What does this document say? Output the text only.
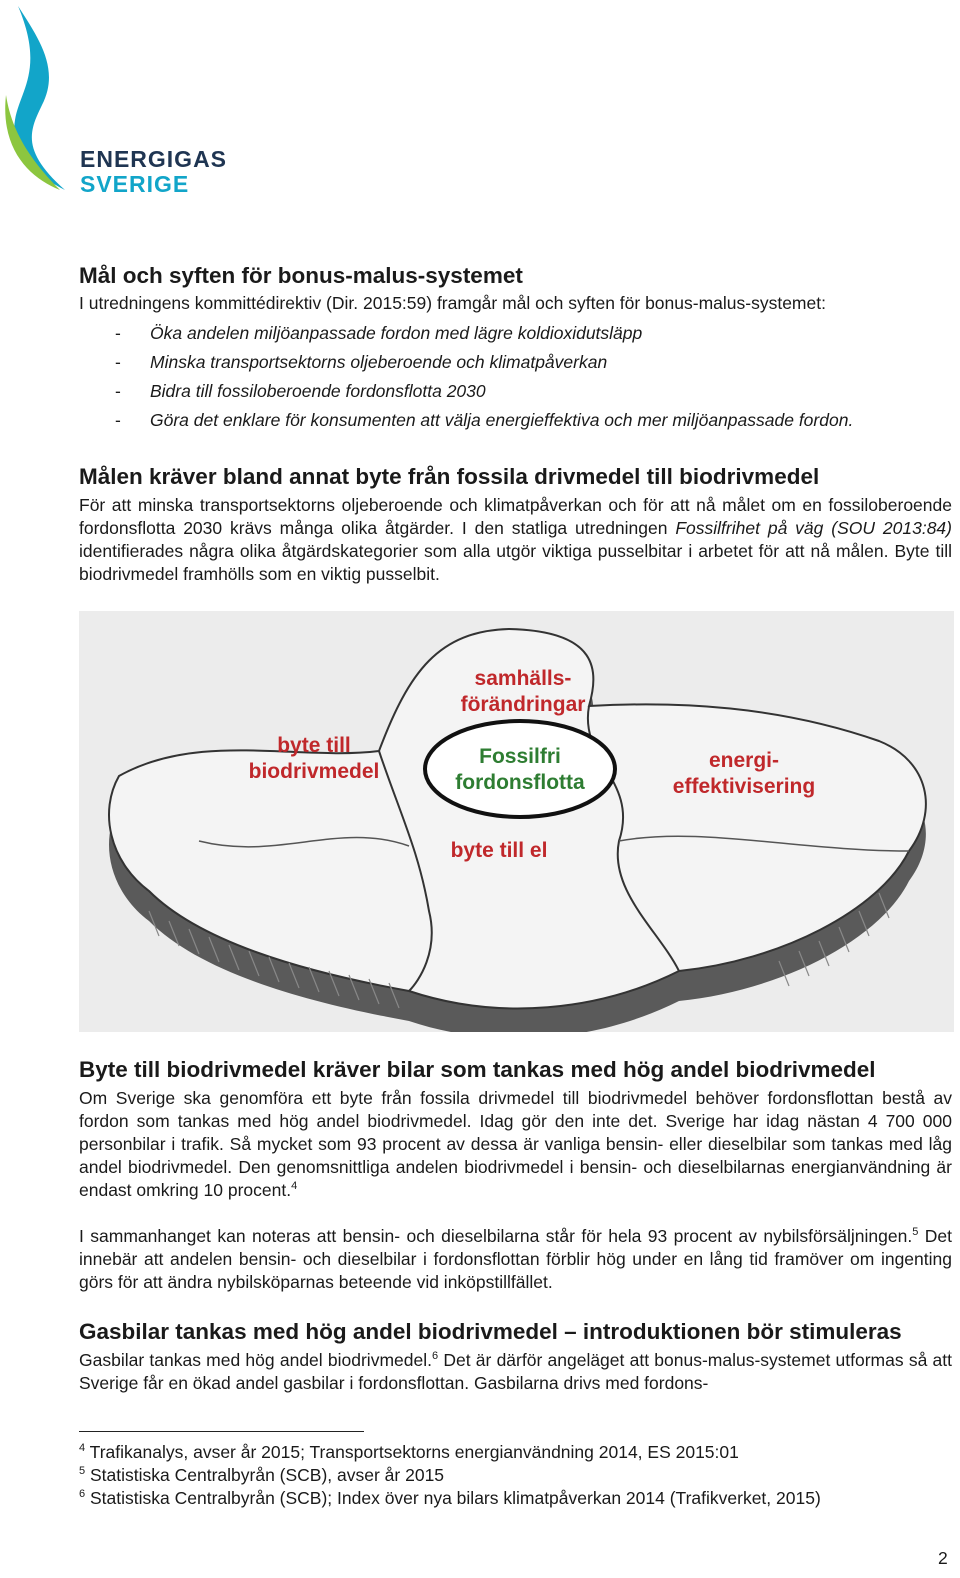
ENERGIGAS
SVERIGE
Mål och syften för bonus-malus-systemet

I utredningens kommittédirektiv (Dir. 2015:59) framgår mål och syften för bonus-malus-systemet:

- Öka andelen miljöanpassade fordon med lägre koldioxidutsläpp
- Minska transportsektorns oljeberoende och klimatpåverkan
- Bidra till fossiloberoende fordonsflotta 2030
- Göra det enklare för konsumenten att välja energieffektiva och mer miljöanpassade fordon.
Målen kräver bland annat byte från fossila drivmedel till biodrivmedel

För att minska transportsektorns oljeberoende och klimatpåverkan och för att nå målet om en fossiloberoende fordonsflotta 2030 krävs många olika åtgärder. I den statliga utredningen Fossilfrihet på väg (SOU 2013:84) identifierades några olika åtgärdskategorier som alla utgör viktiga pusselbitar i arbetet för att nå målen. Byte till biodrivmedel framhölls som en viktig pusselbit.

samhälls-
förändringar
byte till
biodrivmedel
Fossilfri
fordonsflotta
energi-
effektivisering
byte till el
Byte till biodrivmedel kräver bilar som tankas med hög andel biodrivmedel

Om Sverige ska genomföra ett byte från fossila drivmedel till biodrivmedel behöver fordonsflottan bestå av fordon som tankas med hög andel biodrivmedel. Idag gör den inte det. Sverige har idag nästan 4 700 000 personbilar i trafik. Så mycket som 93 procent av dessa är vanliga bensin- eller dieselbilar som tankas med låg andel biodrivmedel. Den genomsnittliga andelen biodrivmedel i bensin- och dieselbilarnas energianvändning är endast omkring 10 procent.$^4$

I sammanhanget kan noteras att bensin- och dieselbilarna står för hela 93 procent av nybilsförsäljningen.$^5$ Det innebär att andelen bensin- och dieselbilar i fordonsflottan förblir hög under en lång tid framöver om ingenting görs för att ändra nybilsköparnas beteende vid inköpstillfället.

Gasbilar tankas med hög andel biodrivmedel – introduktionen bör stimuleras

Gasbilar tankas med hög andel biodrivmedel.$^6$ Det är därför angeläget att bonus-malus-systemet utformas så att Sverige får en ökad andel gasbilar i fordonsflottan. Gasbilarna drivs med fordons-

$^4$ Trafikanalys, avser år 2015; Transportsektorns energianvändning 2014, ES 2015:01
$^5$ Statistiska Centralbyrån (SCB), avser år 2015
$^6$ Statistiska Centralbyrån (SCB); Index över nya bilars klimatpåverkan 2014 (Trafikverket, 2015)
2
